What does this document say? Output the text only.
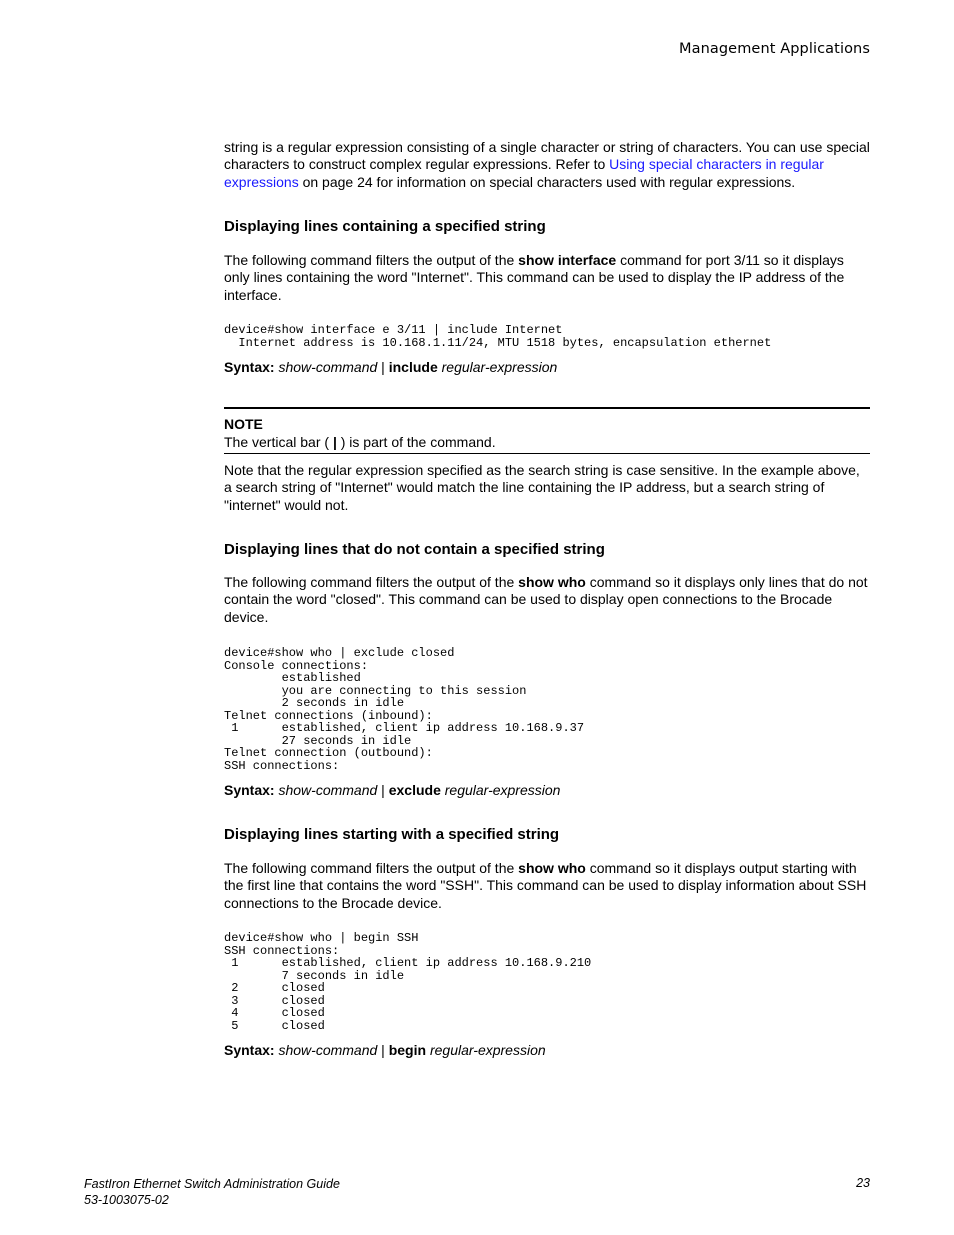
Management Applications

string is a regular expression consisting of a single character or string of characters. You can use special characters to construct complex regular expressions. Refer to Using special characters in regular expressions on page 24 for information on special characters used with regular expressions.

Displaying lines containing a specified string

The following command filters the output of the show interface command for port 3/11 so it displays only lines containing the word "Internet". This command can be used to display the IP address of the interface.

device#show interface e 3/11 | include Internet
Internet address is 10.168.1.11/24, MTU 1518 bytes, encapsulation ethernet

Syntax: show-command | include regular-expression

NOTE

The vertical bar ( | ) is part of the command.

Note that the regular expression specified as the search string is case sensitive. In the example above, a search string of "Internet" would match the line containing the IP address, but a search string of "internet" would not.

Displaying lines that do not contain a specified string

The following command filters the output of the show who command so it displays only lines that do not contain the word "closed". This command can be used to display open connections to the Brocade device.

device#show who | exclude closed
Console connections:
established
you are connecting to this session
2 seconds in idle
Telnet connections (inbound):
1      established, client ip address 10.168.9.37
27 seconds in idle
Telnet connection (outbound):
SSH connections:

Syntax: show-command | exclude regular-expression

Displaying lines starting with a specified string

The following command filters the output of the show who command so it displays output starting with the first line that contains the word "SSH". This command can be used to display information about SSH connections to the Brocade device.

device#show who | begin SSH
SSH connections:
1      established, client ip address 10.168.9.210
7 seconds in idle
2      closed
3      closed
4      closed
5      closed

Syntax: show-command | begin regular-expression

FastIron Ethernet Switch Administration Guide
53-1003075-02
23
